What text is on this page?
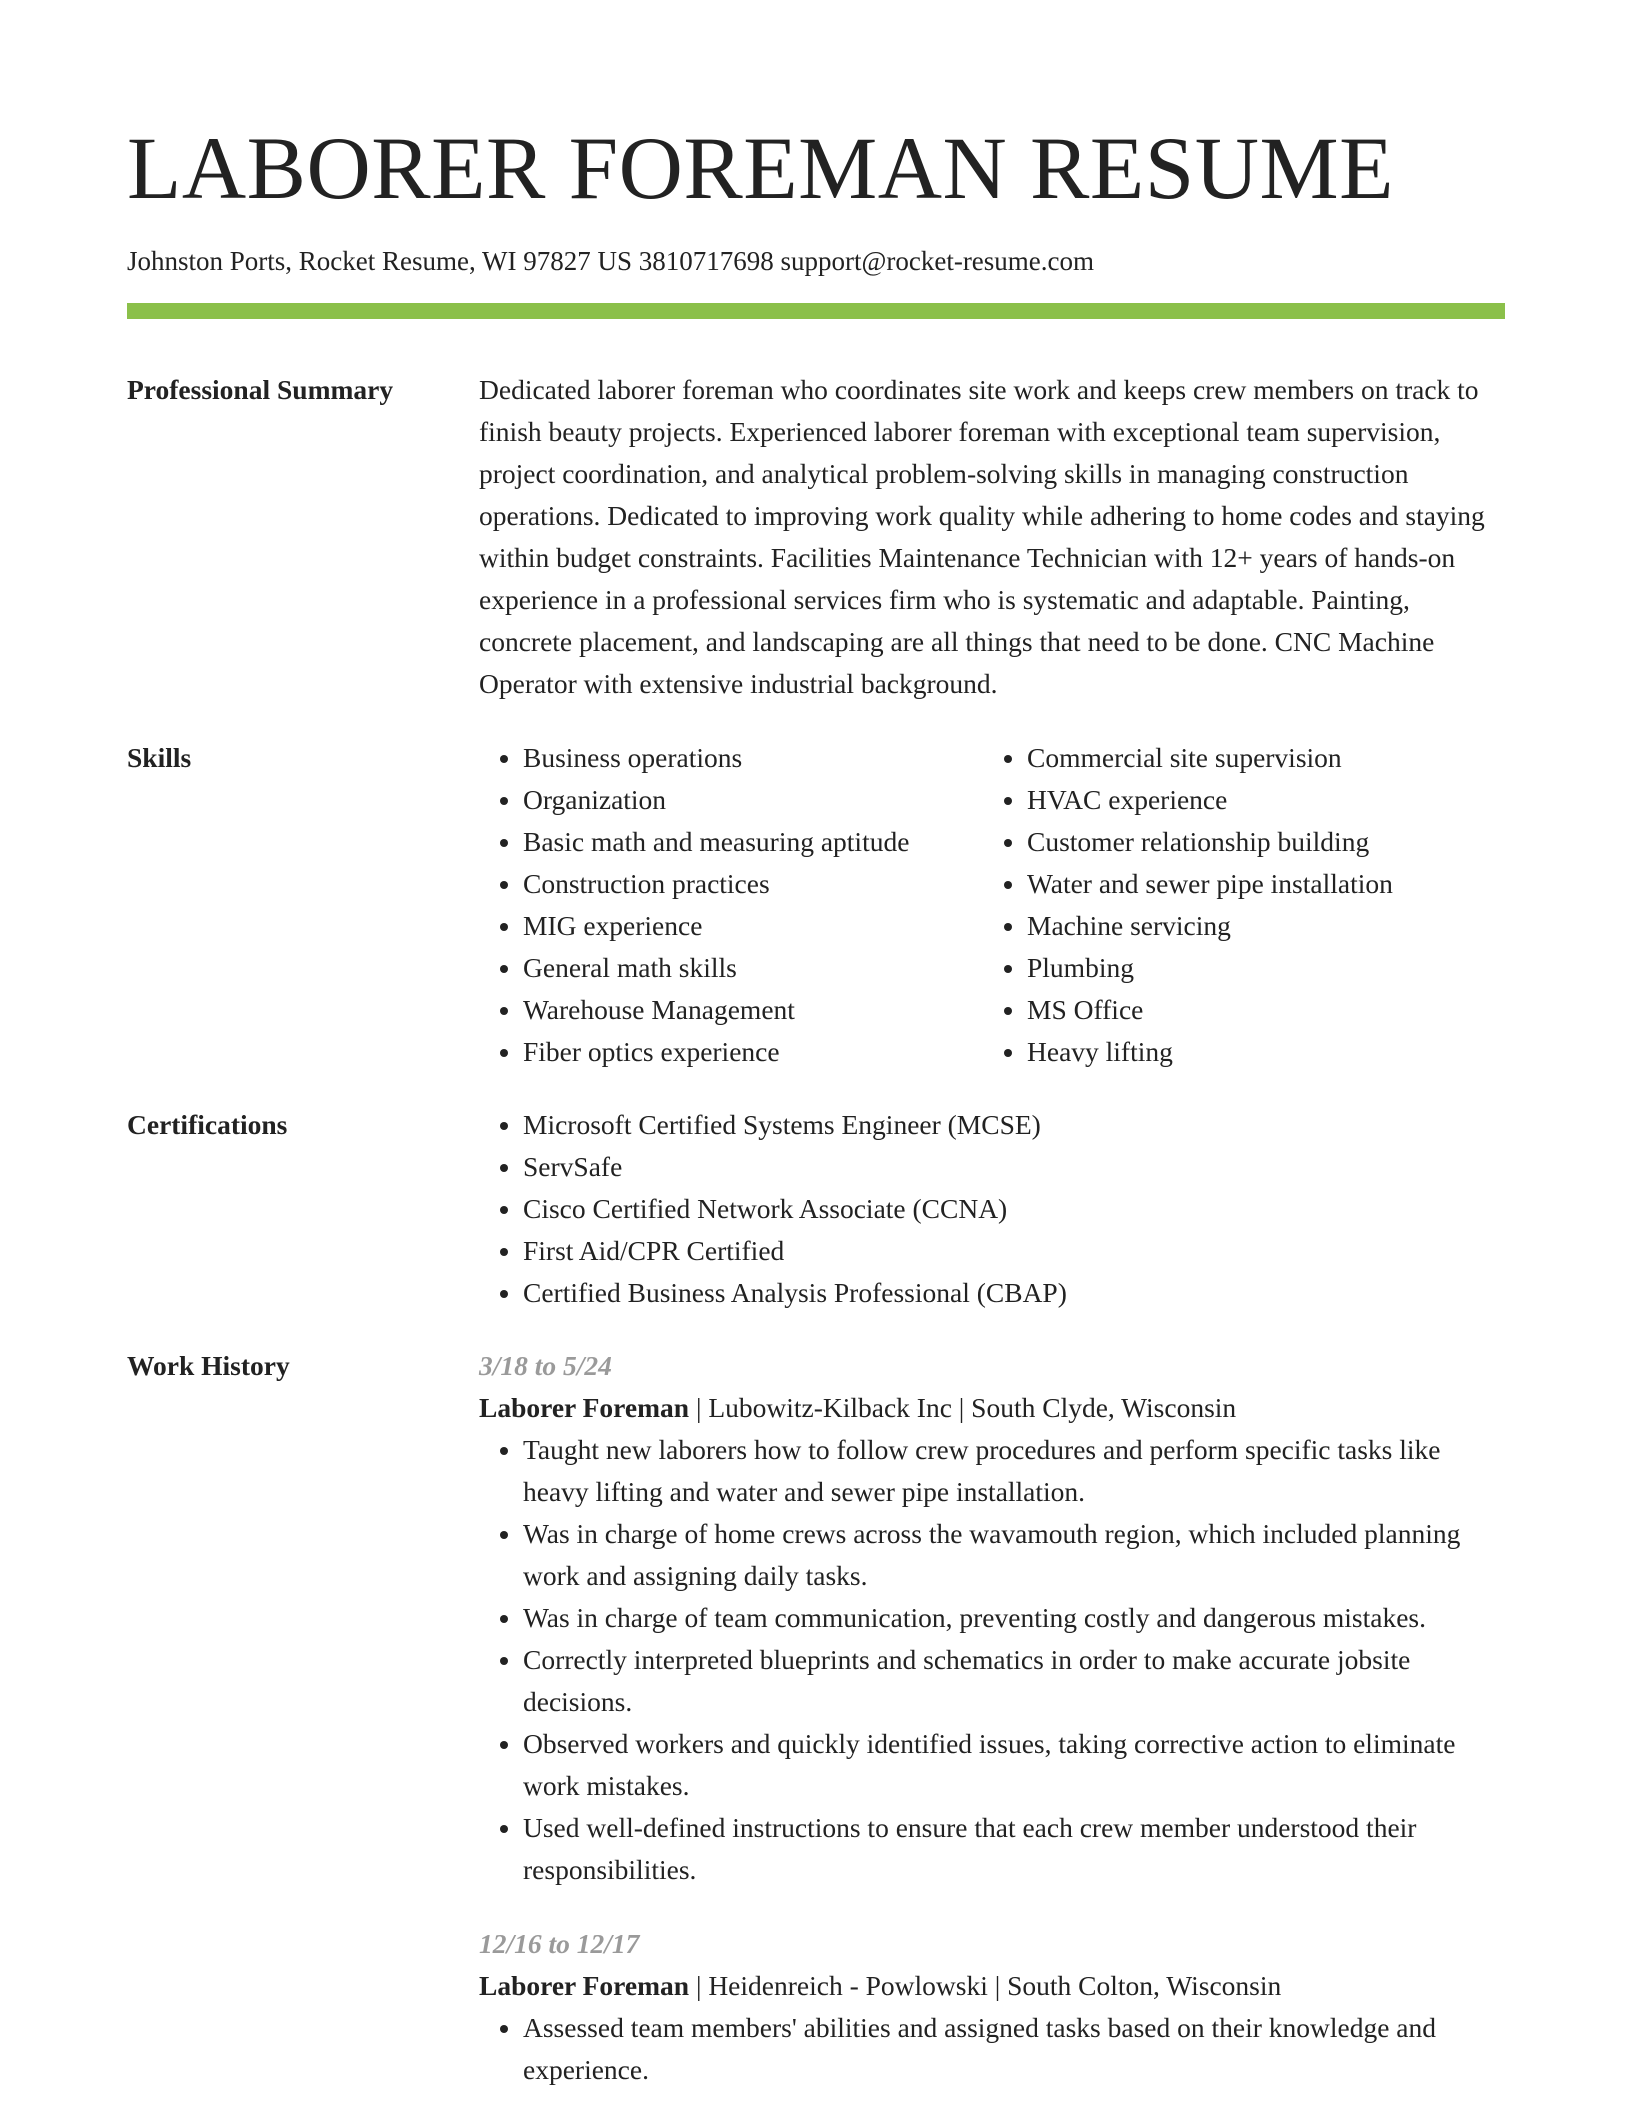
LABORER FOREMAN RESUME
Johnston Ports, Rocket Resume, WI 97827 US 3810717698 support@rocket-resume.com
Professional Summary	Dedicated laborer foreman who coordinates site work and keeps crew members on track to finish beauty projects. Experienced laborer foreman with exceptional team supervision, project coordination, and analytical problem-solving skills in managing construction operations. Dedicated to improving work quality while adhering to home codes and staying within budget constraints. Facilities Maintenance Technician with 12+ years of hands-on experience in a professional services firm who is systematic and adaptable. Painting, concrete placement, and landscaping are all things that need to be done. CNC Machine Operator with extensive industrial background.

Skills	• Business operations
• Organization
• Basic math and measuring aptitude
• Construction practices
• MIG experience
• General math skills
• Warehouse Management
• Fiber optics experience
• Commercial site supervision
• HVAC experience
• Customer relationship building
• Water and sewer pipe installation
• Machine servicing
• Plumbing
• MS Office
• Heavy lifting
Certifications	• Microsoft Certified Systems Engineer (MCSE)
• ServSafe
• Cisco Certified Network Associate (CCNA)
• First Aid/CPR Certified
• Certified Business Analysis Professional (CBAP)
Work History	3/18 to 5/24
Laborer Foreman | Lubowitz-Kilback Inc | South Clyde, Wisconsin
• Taught new laborers how to follow crew procedures and perform specific tasks like heavy lifting and water and sewer pipe installation.
• Was in charge of home crews across the wavamouth region, which included planning work and assigning daily tasks.
• Was in charge of team communication, preventing costly and dangerous mistakes.
• Correctly interpreted blueprints and schematics in order to make accurate jobsite decisions.
• Observed workers and quickly identified issues, taking corrective action to eliminate work mistakes.
• Used well-defined instructions to ensure that each crew member understood their responsibilities.
12/16 to 12/17
Laborer Foreman | Heidenreich - Powlowski | South Colton, Wisconsin
• Assessed team members' abilities and assigned tasks based on their knowledge and experience.
